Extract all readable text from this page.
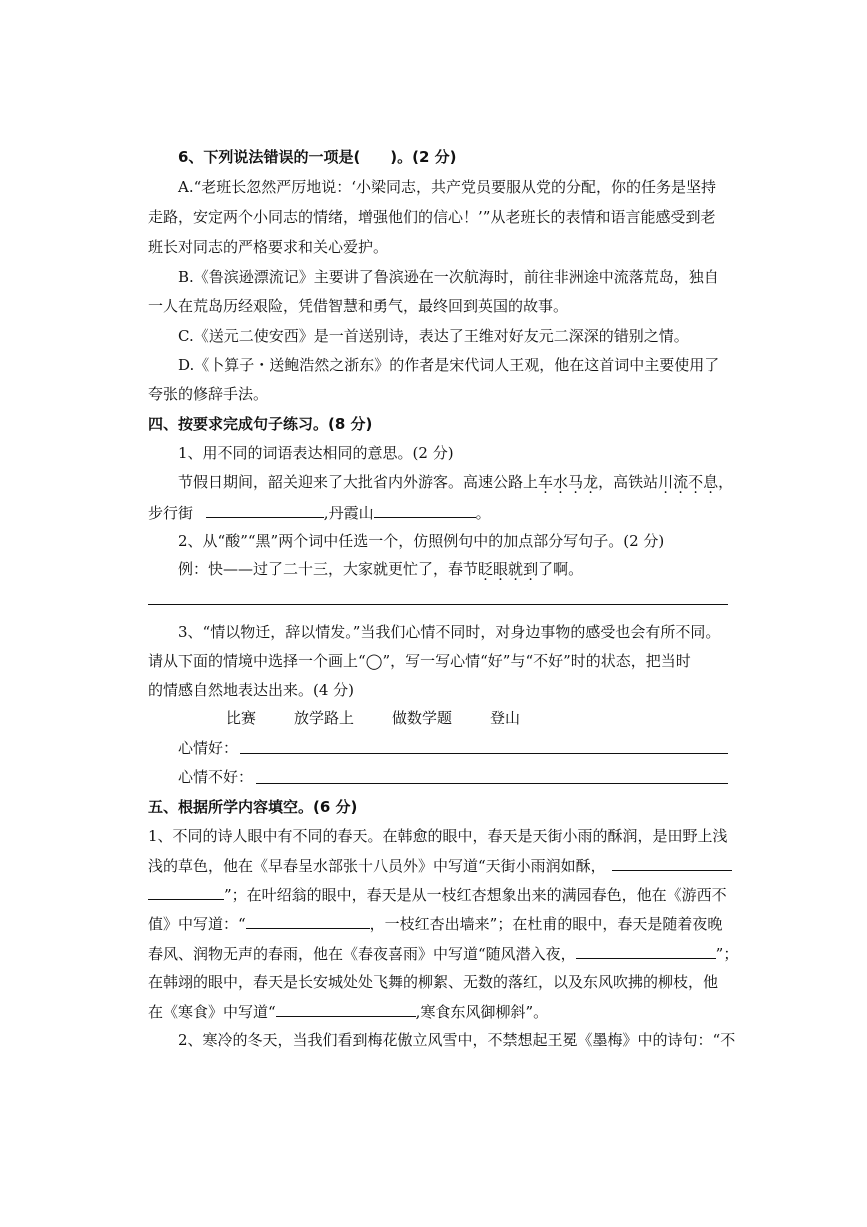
6、下列说法错误的一项是(　　)。(2 分)
A.“老班长忽然严厉地说：‘小梁同志，共产党员要服从党的分配，你的任务是坚持
走路，安定两个小同志的情绪，增强他们的信心！’”从老班长的表情和语言能感受到老
班长对同志的严格要求和关心爱护。
B.《鲁滨逊漂流记》主要讲了鲁滨逊在一次航海时，前往非洲途中流落荒岛，独自
一人在荒岛历经艰险，凭借智慧和勇气，最终回到英国的故事。
C.《送元二使安西》是一首送别诗，表达了王维对好友元二深深的错别之情。
D.《卜算子・送鲍浩然之浙东》的作者是宋代词人王观，他在这首词中主要使用了
夸张的修辞手法。
四、按要求完成句子练习。(8 分)
1、用不同的词语表达相同的意思。(2 分)
节假日期间，韶关迎来了大批省内外游客。高速公路上车水马龙，高铁站川流不息，
步行街	,丹霞山	。
2、从“酸”“黑”两个词中任选一个，仿照例句中的加点部分写句子。(2 分)
例：快——过了二十三，大家就更忙了，春节眨眼就到了啊。
3、“情以物迁，辞以情发。”当我们心情不同时，对身边事物的感受也会有所不同。
请从下面的情境中选择一个画上“◯”，写一写心情“好”与“不好”时的状态，把当时
的情感自然地表达出来。(4 分)
比赛	放学路上	做数学题	登山
心情好：
心情不好：
五、根据所学内容填空。(6 分)
1、不同的诗人眼中有不同的春天。在韩愈的眼中，春天是天街小雨的酥润，是田野上浅
浅的草色，他在《早春呈水部张十八员外》中写道“天街小雨润如酥，
”；在叶绍翁的眼中，春天是从一枝红杏想象出来的满园春色，他在《游西不
值》中写道：“	，一枝红杏出墙来”；在杜甫的眼中，春天是随着夜晚
春风、润物无声的春雨，他在《春夜喜雨》中写道“随风潜入夜，	”；
在韩翊的眼中，春天是长安城处处飞舞的柳絮、无数的落红，以及东风吹拂的柳枝，他
在《寒食》中写道“	,寒食东风御柳斜”。
2、寒冷的冬天，当我们看到梅花傲立风雪中，不禁想起王冕《墨梅》中的诗句：“不
